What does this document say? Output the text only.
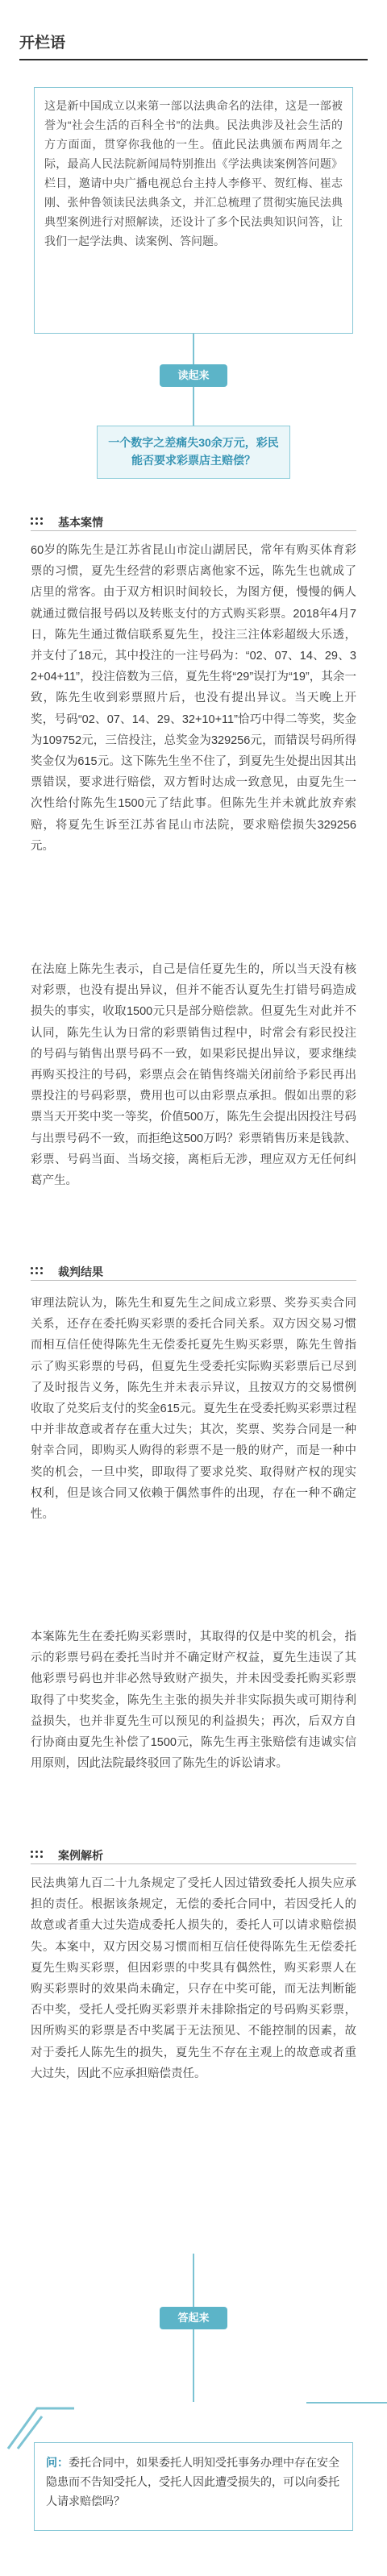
开栏语
这是新中国成立以来第一部以法典命名的法律，这是一部被誉为“社会生活的百科全书”的法典。民法典涉及社会生活的方方面面，贯穿你我他的一生。值此民法典颁布两周年之际，最高人民法院新闻局特别推出《学法典读案例答问题》栏目，邀请中央广播电视总台主持人李修平、贺红梅、崔志刚、张仲鲁领读民法典条文，并汇总梳理了贯彻实施民法典典型案例进行对照解读，还设计了多个民法典知识问答，让我们一起学法典、读案例、答问题。
读起来
一个数字之差痛失30余万元，彩民能否要求彩票店主赔偿？
基本案情
60岁的陈先生是江苏省昆山市淀山湖居民，常年有购买体育彩票的习惯，夏先生经营的彩票店离他家不远，陈先生也就成了店里的常客。由于双方相识时间较长，为图方便，慢慢的俩人就通过微信报号码以及转账支付的方式购买彩票。2018年4月7日，陈先生通过微信联系夏先生，投注三注体彩超级大乐透，并支付了18元，其中投注的一注号码为：“02、07、14、29、32+04+11”，投注倍数为三倍，夏先生将“29”误打为“19”，其余一致，陈先生收到彩票照片后，也没有提出异议。当天晚上开奖，号码“02、07、14、29、32+10+11”恰巧中得二等奖，奖金为109752元，三倍投注，总奖金为329256元，而错误号码所得奖金仅为615元。这下陈先生坐不住了，到夏先生处提出因其出票错误，要求进行赔偿，双方暂时达成一致意见，由夏先生一次性给付陈先生1500元了结此事。但陈先生并未就此放弃索赔，将夏先生诉至江苏省昆山市法院，要求赔偿损失329256元。
在法庭上陈先生表示，自己是信任夏先生的，所以当天没有核对彩票，也没有提出异议，但并不能否认夏先生打错号码造成损失的事实，收取1500元只是部分赔偿款。但夏先生对此并不认同，陈先生认为日常的彩票销售过程中，时常会有彩民投注的号码与销售出票号码不一致，如果彩民提出异议，要求继续再购买投注的号码，彩票点会在销售终端关闭前给予彩民再出票投注的号码彩票，费用也可以由彩票点承担。假如出票的彩票当天开奖中奖一等奖，价值500万，陈先生会提出因投注号码与出票号码不一致，而拒绝这500万吗？彩票销售历来是钱款、彩票、号码当面、当场交接，离柜后无涉，理应双方无任何纠葛产生。
裁判结果
审理法院认为，陈先生和夏先生之间成立彩票、奖券买卖合同关系，还存在委托购买彩票的委托合同关系。双方因交易习惯而相互信任使得陈先生无偿委托夏先生购买彩票，陈先生曾指示了购买彩票的号码，但夏先生受委托实际购买彩票后已尽到了及时报告义务，陈先生并未表示异议，且按双方的交易惯例收取了兑奖后支付的奖金615元。夏先生在受委托购买彩票过程中并非故意或者存在重大过失；其次，奖票、奖券合同是一种射幸合同，即购买人购得的彩票不是一般的财产，而是一种中奖的机会，一旦中奖，即取得了要求兑奖、取得财产权的现实权利，但是该合同又依赖于偶然事件的出现，存在一种不确定性。
本案陈先生在委托购买彩票时，其取得的仅是中奖的机会，指示的彩票号码在委托当时并不确定财产权益，夏先生违误了其他彩票号码也并非必然导致财产损失，并未因受委托购买彩票取得了中奖奖金，陈先生主张的损失并非实际损失或可期待利益损失，也并非夏先生可以预见的利益损失；再次，后双方自行协商由夏先生补偿了1500元，陈先生再主张赔偿有违诚实信用原则，因此法院最终驳回了陈先生的诉讼请求。
案例解析
民法典第九百二十九条规定了受托人因过错致委托人损失应承担的责任。根据该条规定，无偿的委托合同中，若因受托人的故意或者重大过失造成委托人损失的，委托人可以请求赔偿损失。本案中，双方因交易习惯而相互信任使得陈先生无偿委托夏先生购买彩票，但因彩票的中奖具有偶然性，购买彩票人在购买彩票时的效果尚未确定，只存在中奖可能，而无法判断能否中奖，受托人受托购买彩票并未排除指定的号码购买彩票，因所购买的彩票是否中奖属于无法预见、不能控制的因素，故对于委托人陈先生的损失，夏先生不存在主观上的故意或者重大过失，因此不应承担赔偿责任。
答起来
问：委托合同中，如果委托人明知受托事务办理中存在安全隐患而不告知受托人，受托人因此遭受损失的，可以向委托人请求赔偿吗？
